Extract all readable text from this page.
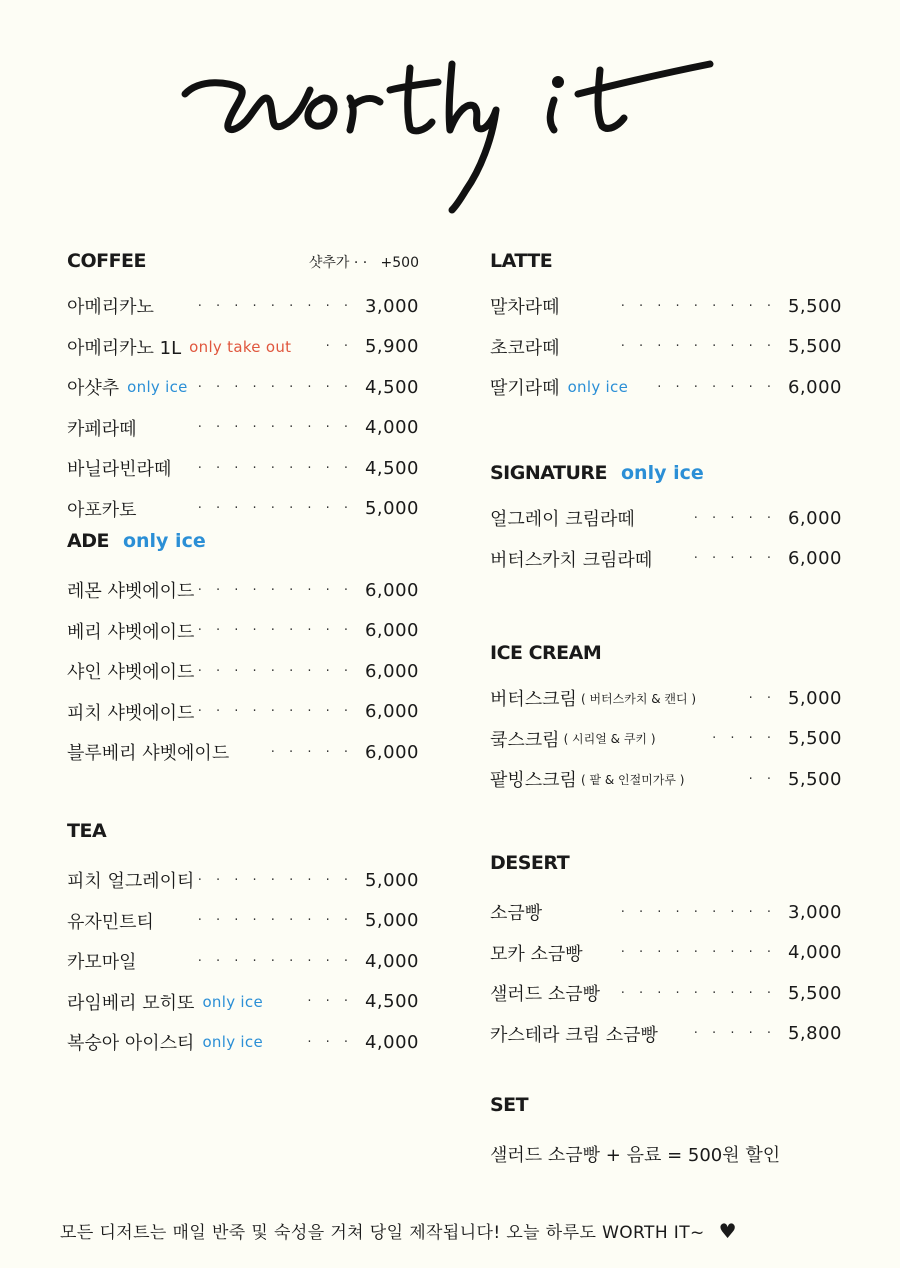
COFFEE	샷추가 · ·   +500
아메리카노	· · · · · · · · · 3,000
아메리카노 1L only take out	· · 5,900
아샷추 only ice · · · · · · · · · 4,500
카페라떼	· · · · · · · · · 4,000
바닐라빈라떼	· · · · · · · · · 4,500
아포카토	· · · · · · · · · 5,000
ADE only ice
레몬 샤벳에이드 · · · · · · · · · 6,000
베리 샤벳에이드 · · · · · · · · · 6,000
샤인 샤벳에이드 · · · · · · · · · 6,000
피치 샤벳에이드 · · · · · · · · · 6,000
블루베리 샤벳에이드	· · · · · 6,000
TEA
피치 얼그레이티 · · · · · · · · · 5,000
유자민트티	· · · · · · · · · 5,000
카모마일	· · · · · · · · · 4,000
라임베리 모히또 only ice	· · · 4,500
복숭아 아이스티 only ice	· · · 4,000
LATTE
말차라떼	· · · · · · · · · 5,500
초코라떼	· · · · · · · · · 5,500
딸기라떼 only ice	· · · · · · · 6,000
SIGNATURE only ice
얼그레이 크림라떼	· · · · · 6,000
버터스카치 크림라떼	· · · · · 6,000
ICE CREAM
버터스크림 ( 버터스카치 & 캔디 )	· · 5,000
쿸스크림 ( 시리얼 & 쿠키 )	· · · · 5,500
팥빙스크림 ( 팥 & 인절미가루 )	· · 5,500
DESERT
소금빵	· · · · · · · · · 3,000
모카 소금빵	· · · · · · · · · 4,000
샐러드 소금빵	· · · · · · · · · 5,500
카스테라 크림 소금빵	· · · · · 5,800
SET
샐러드 소금빵 + 음료 = 500원 할인
모든 디저트는 매일 반죽 및 숙성을 거쳐 당일 제작됩니다! 오늘 하루도 WORTH IT~ ♥
